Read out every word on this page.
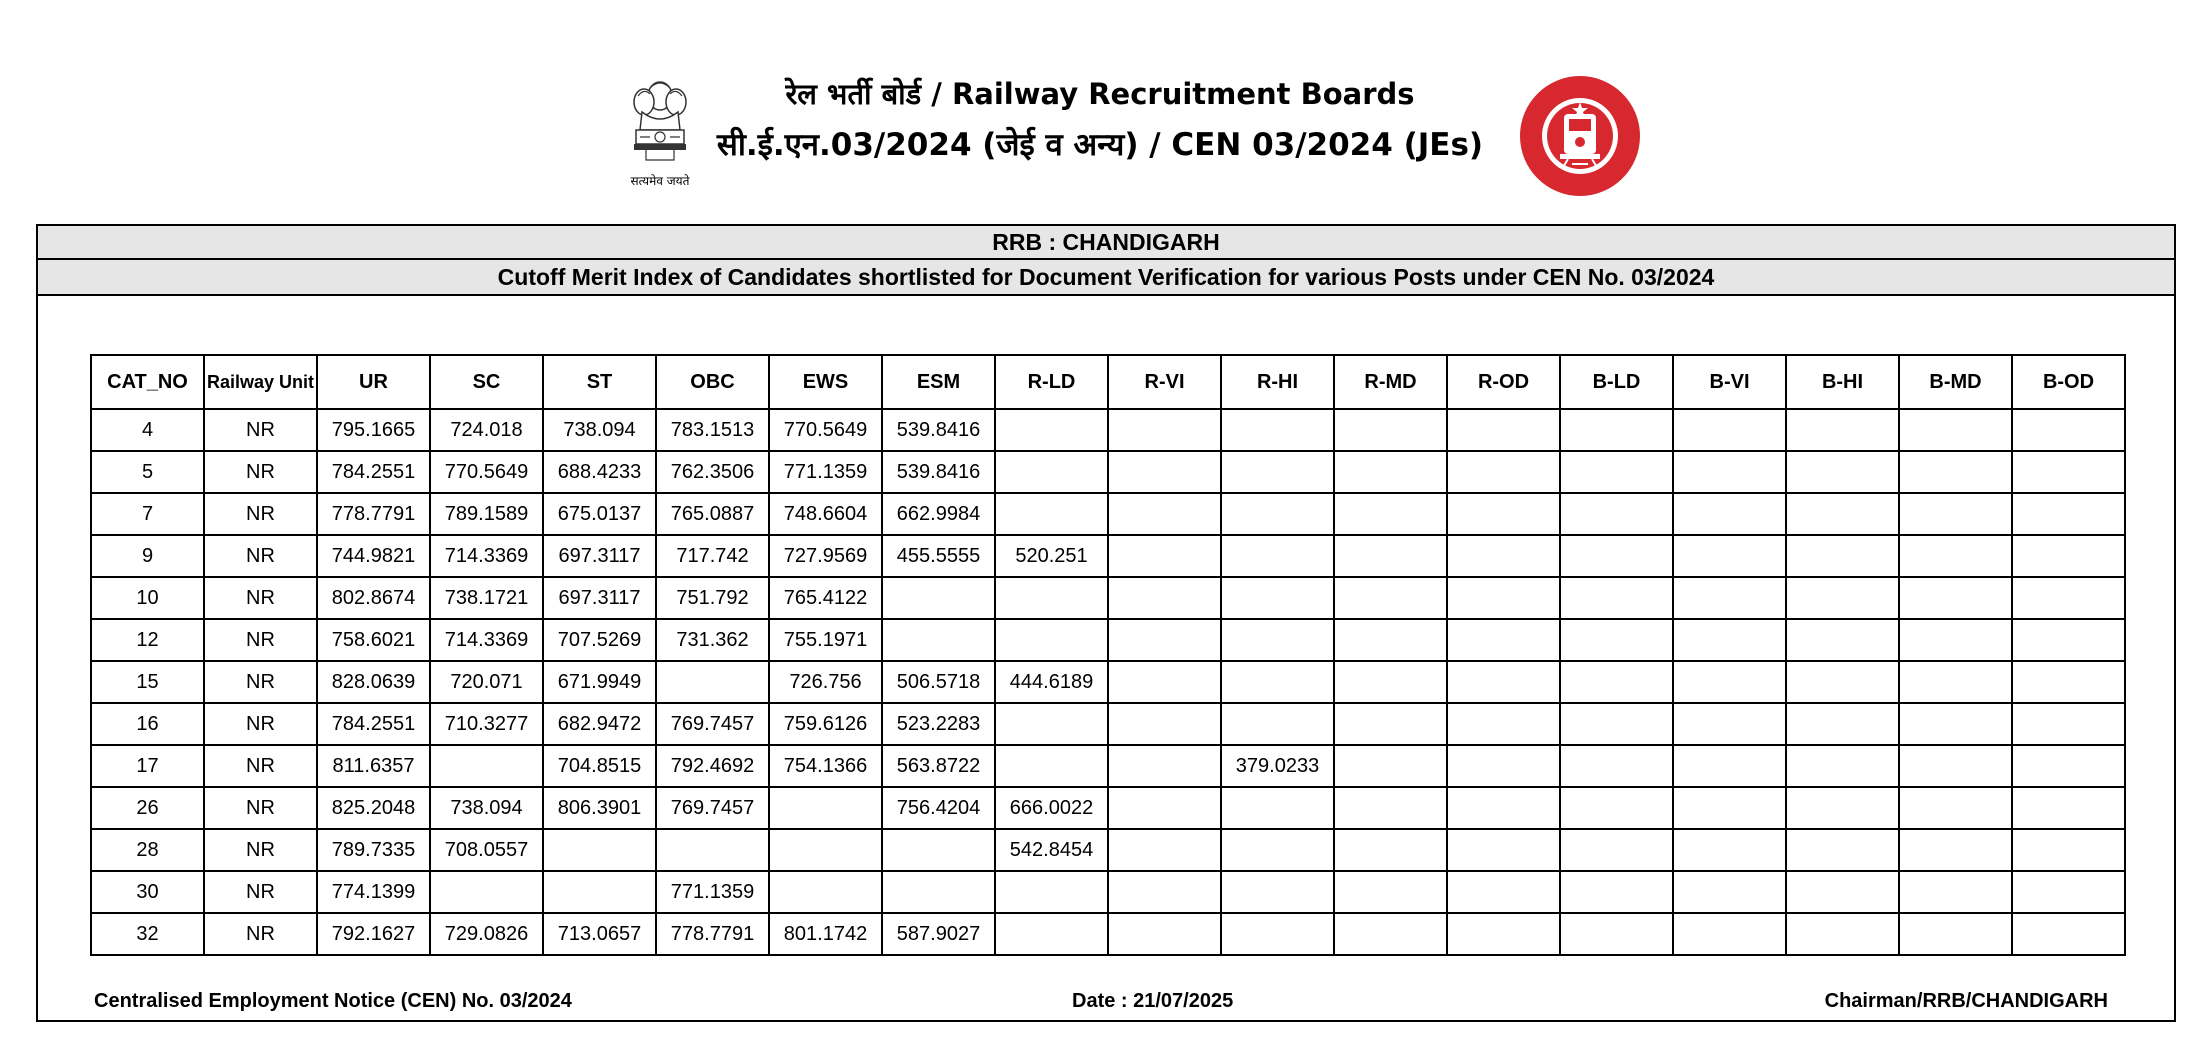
सत्यमेव जयते
रेल भर्ती बोर्ड / Railway Recruitment Boards
सी.ई.एन.03/2024 (जेई व अन्य) / CEN 03/2024 (JEs)
RRB : CHANDIGARH
Cutoff Merit Index of Candidates shortlisted for Document Verification for various Posts under CEN No. 03/2024
CAT_NO	Railway Unit	UR	SC	ST	OBC	EWS	ESM	R-LD	R-VI	R-HI	R-MD	R-OD	B-LD	B-VI	B-HI	B-MD	B-OD
4	NR	795.1665	724.018	738.094	783.1513	770.5649	539.8416										
5	NR	784.2551	770.5649	688.4233	762.3506	771.1359	539.8416										
7	NR	778.7791	789.1589	675.0137	765.0887	748.6604	662.9984										
9	NR	744.9821	714.3369	697.3117	717.742	727.9569	455.5555	520.251									
10	NR	802.8674	738.1721	697.3117	751.792	765.4122											
12	NR	758.6021	714.3369	707.5269	731.362	755.1971											
15	NR	828.0639	720.071	671.9949		726.756	506.5718	444.6189									
16	NR	784.2551	710.3277	682.9472	769.7457	759.6126	523.2283										
17	NR	811.6357		704.8515	792.4692	754.1366	563.8722			379.0233							
26	NR	825.2048	738.094	806.3901	769.7457		756.4204	666.0022									
28	NR	789.7335	708.0557					542.8454									
30	NR	774.1399			771.1359												
32	NR	792.1627	729.0826	713.0657	778.7791	801.1742	587.9027										
Centralised Employment Notice (CEN) No. 03/2024	Date : 21/07/2025	Chairman/RRB/CHANDIGARH
